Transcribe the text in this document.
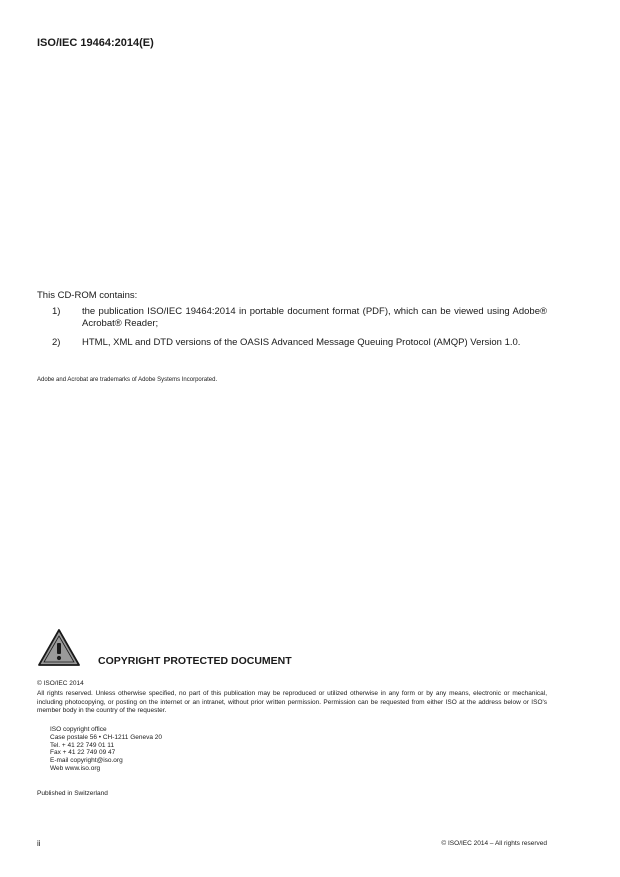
ISO/IEC 19464:2014(E)
This CD-ROM contains:
1)	the publication ISO/IEC 19464:2014 in portable document format (PDF), which can be viewed using Adobe® Acrobat® Reader;
2)	HTML, XML and DTD versions of the OASIS Advanced Message Queuing Protocol (AMQP) Version 1.0.
Adobe and Acrobat are trademarks of Adobe Systems Incorporated.
COPYRIGHT PROTECTED DOCUMENT
© ISO/IEC 2014
All rights reserved. Unless otherwise specified, no part of this publication may be reproduced or utilized otherwise in any form or by any means, electronic or mechanical, including photocopying, or posting on the internet or an intranet, without prior written permission. Permission can be requested from either ISO at the address below or ISO's member body in the country of the requester.
ISO copyright office
Case postale 56 • CH-1211 Geneva 20
Tel. + 41 22 749 01 11
Fax + 41 22 749 09 47
E-mail copyright@iso.org
Web www.iso.org
Published in Switzerland
ii	© ISO/IEC 2014 – All rights reserved
